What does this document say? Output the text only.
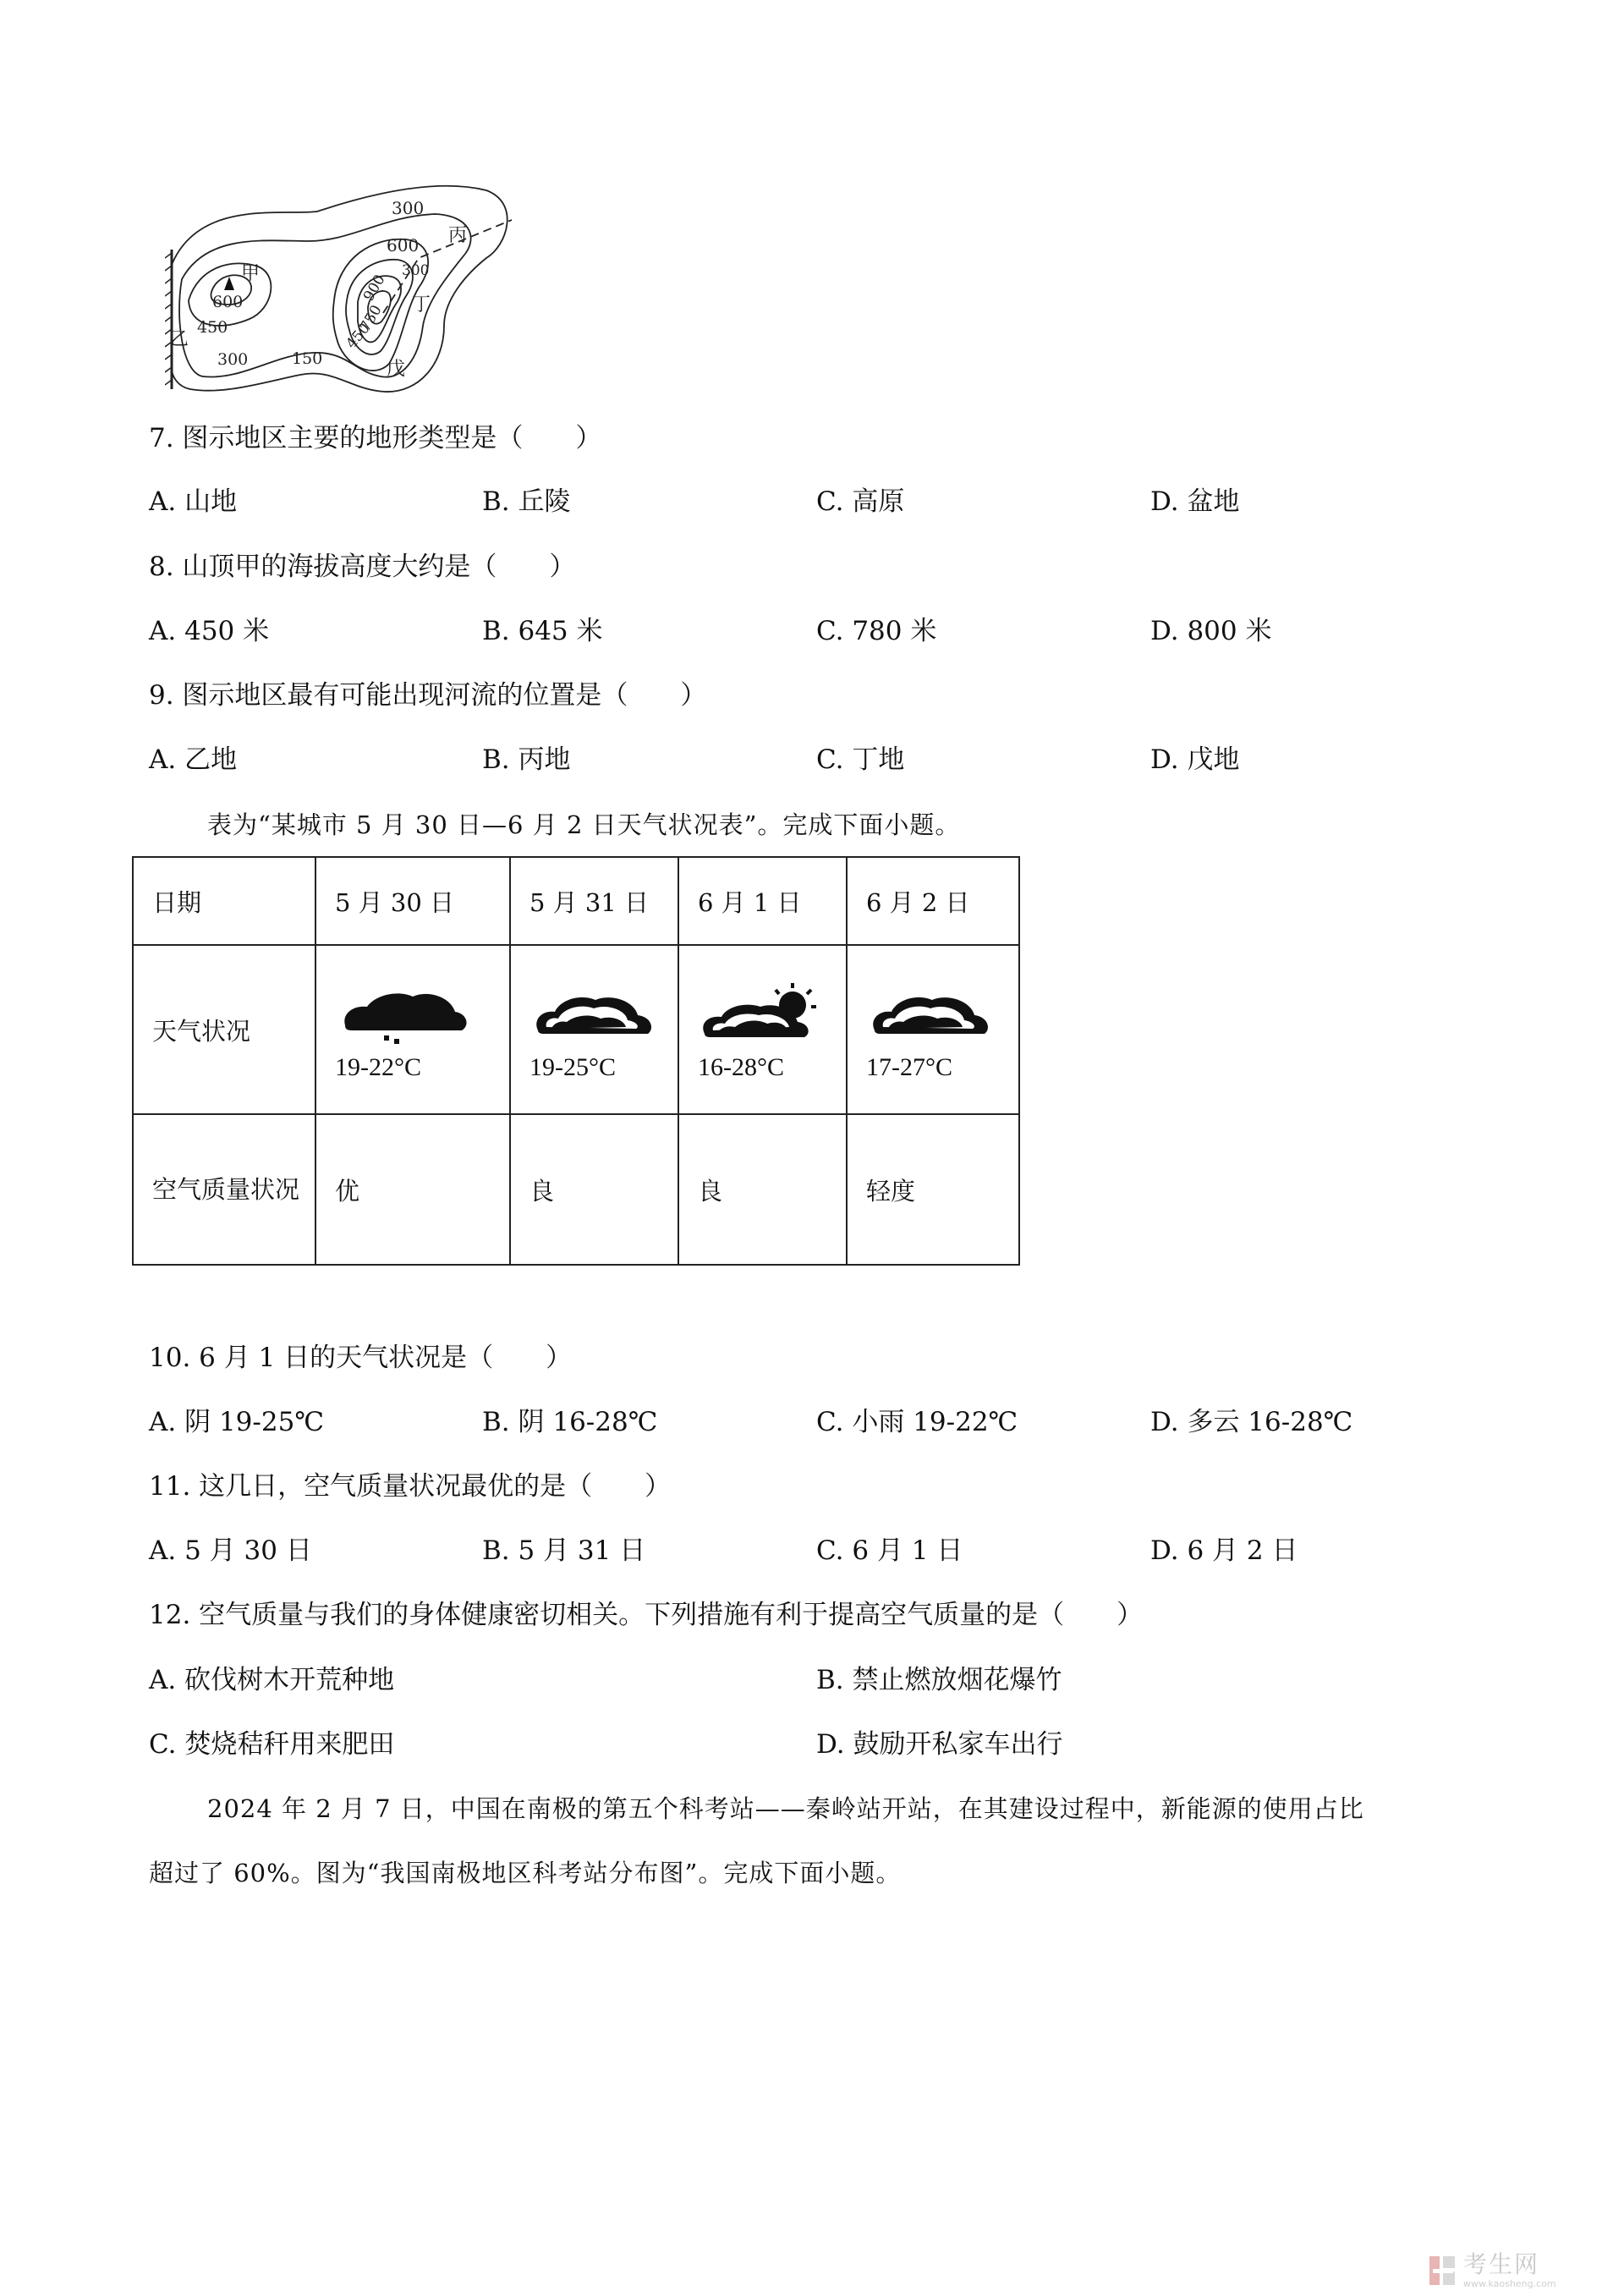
300
600
600
450
300	150
900
750
450
300
甲
乙
丙
丁
戊
7. 图示地区主要的地形类型是（　　）
A. 山地	B. 丘陵	C. 高原	D. 盆地
8. 山顶甲的海拔高度大约是（　　）
A. 450 米	B. 645 米	C. 780 米	D. 800 米
9. 图示地区最有可能出现河流的位置是（　　）
A. 乙地	B. 丙地	C. 丁地	D. 戊地
表为“某城市 5 月 30 日—6 月 2 日天气状况表”。完成下面小题。
日期	5 月 30 日	5 月 31 日	6 月 1 日	6 月 2 日
天气状况	19-22°C	19-25°C	16-28°C	17-27°C

空气质量状况	优	良	良	轻度
10. 6 月 1 日的天气状况是（　　）
A. 阴 19-25℃	B. 阴 16-28℃	C. 小雨 19-22℃	D. 多云 16-28℃
11. 这几日，空气质量状况最优的是（　　）
A. 5 月 30 日	B. 5 月 31 日	C. 6 月 1 日	D. 6 月 2 日
12. 空气质量与我们的身体健康密切相关。下列措施有利于提高空气质量的是（　　）
A. 砍伐树木开荒种地	B. 禁止燃放烟花爆竹
C. 焚烧秸秆用来肥田	D. 鼓励开私家车出行
2024 年 2 月 7 日，中国在南极的第五个科考站——秦岭站开站，在其建设过程中，新能源的使用占比
超过了 60%。图为“我国南极地区科考站分布图”。完成下面小题。
考生网
www.kaosheng.com
